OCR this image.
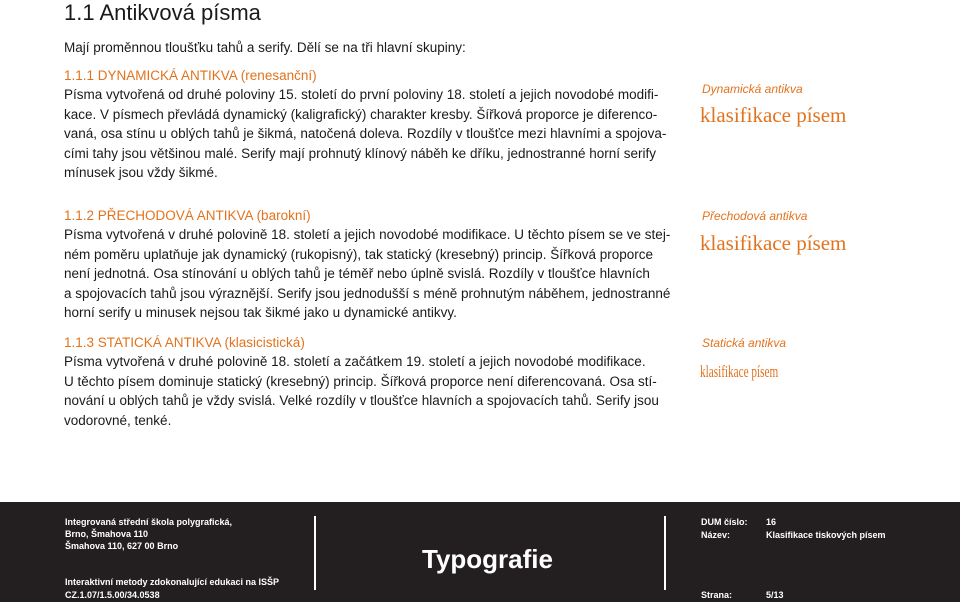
1.1 Antikvová písma
Mají proměnnou tloušťku tahů a serify. Dělí se na tři hlavní skupiny:
1.1.1 DYNAMICKÁ ANTIKVA (renesanční)
Písma vytvořená od druhé poloviny 15. století do první poloviny 18. století a jejich novodobé modifi-
kace. V písmech převládá dynamický (kaligrafický) charakter kresby. Šířková proporce je diferenco-
vaná, osa stínu u oblých tahů je šikmá, natočená doleva. Rozdíly v tloušťce mezi hlavními a spojova-
cími tahy jsou většinou malé. Serify mají prohnutý klínový náběh ke dříku, jednostranné horní serify
mínusek jsou vždy šikmé.
Dynamická antikva
klasifikace písem
1.1.2 PŘECHODOVÁ ANTIKVA (barokní)
Písma vytvořená v druhé polovině 18. století a jejich novodobé modifikace. U těchto písem se ve stej-
ném poměru uplatňuje jak dynamický (rukopisný), tak statický (kresebný) princip. Šířková proporce
není jednotná. Osa stínování u oblých tahů je téměř nebo úplně svislá. Rozdíly v tloušťce hlavních
a spojovacích tahů jsou výraznější. Serify jsou jednodušší s méně prohnutým náběhem, jednostranné
horní serify u minusek nejsou tak šikmé jako u dynamické antikvy.
Přechodová antikva
klasifikace písem
1.1.3 STATICKÁ ANTIKVA (klasicistická)
Písma vytvořená v druhé polovině 18. století a začátkem 19. století a jejich novodobé modifikace.
U těchto písem dominuje statický (kresebný) princip. Šířková proporce není diferencovaná. Osa stí-
nování u oblých tahů je vždy svislá. Velké rozdíly v tloušťce hlavních a spojovacích tahů. Serify jsou
vodorovné, tenké.
Statická antikva
klasifikace písem
Integrovaná střední škola polygrafická,
Brno, Šmahova 110
Šmahova 110, 627 00 Brno
Interaktivní metody zdokonalující edukaci na ISŠP
CZ.1.07/1.5.00/34.0538
Typografie
DUM číslo: 16
Název:	Klasifikace tiskových písem
Strana:	5/13
